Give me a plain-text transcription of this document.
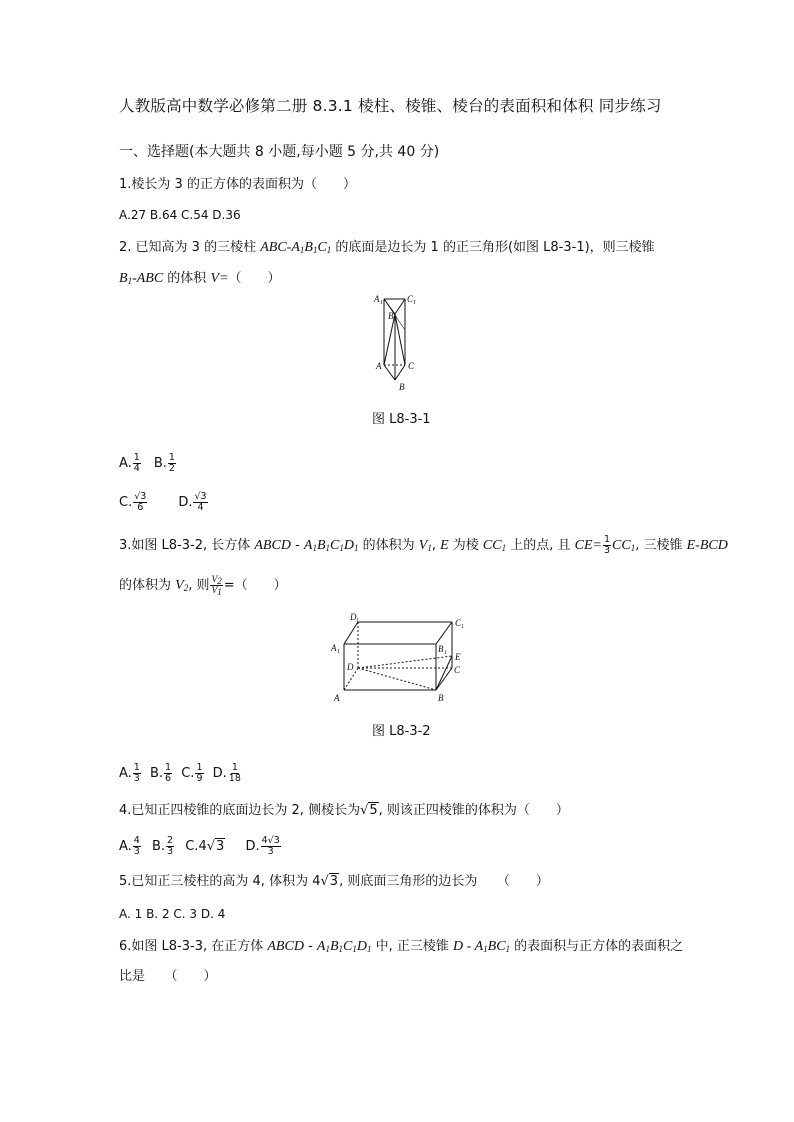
人教版高中数学必修第二册 8.3.1 棱柱、棱锥、棱台的表面积和体积 同步练习
一、选择题(本大题共 8 小题,每小题 5 分,共 40 分)
1.棱长为 3 的正方体的表面积为（　　）
A.27 B.64 C.54 D.36
2. 已知高为 3 的三棱柱 ABC-$A_1B_1C_1$ 的底面是边长为 1 的正三角形(如图 L8-3-1)，则三棱锥
$B_1$-ABC 的体积 V=（　　）
A 1	C 1
B 1
A	C
B
图 L8-3-1
A. $\frac{1}{4} B$. $\frac{1}{2}$
C. $\frac{√3}{6} D$. $\frac{√3}{4}$
3.如图 L8-3-2, 长方体 ABCD - $A_1B_1C_1D_1$ 的体积为 $V_1$, E 为棱 $CC_1$ 上的点, 且 $CE= \frac{1}{3} CC_1$, 三棱锥 E-BCD
的体积为 $V_2$, 则 $\frac{V_2}{V_1}$ =（　　）
D 1	C 1
A 1	B 1 E
D	C
A	B
图 L8-3-2
A. $\frac{1}{3} B$. $\frac{1}{6} C$. $\frac{1}{9} D$. $\frac{1}{18}$
4.已知正四棱锥的底面边长为 2, 侧棱长为√5, 则该正四棱锥的体积为（　　）
A. $\frac{4}{3} B$. $\frac{2}{3} C.4√3$ D. $\frac{4√3}{3}$
5.已知正三棱柱的高为 4, 体积为 4√3, 则底面三角形的边长为　　（　　）
A. 1 B. 2 C. 3 D. 4
6.如图 L8-3-3, 在正方体 ABCD - $A_1B_1C_1D_1$ 中, 正三棱锥 D - $A_1BC_1$ 的表面积与正方体的表面积之
比是　　（　　）
